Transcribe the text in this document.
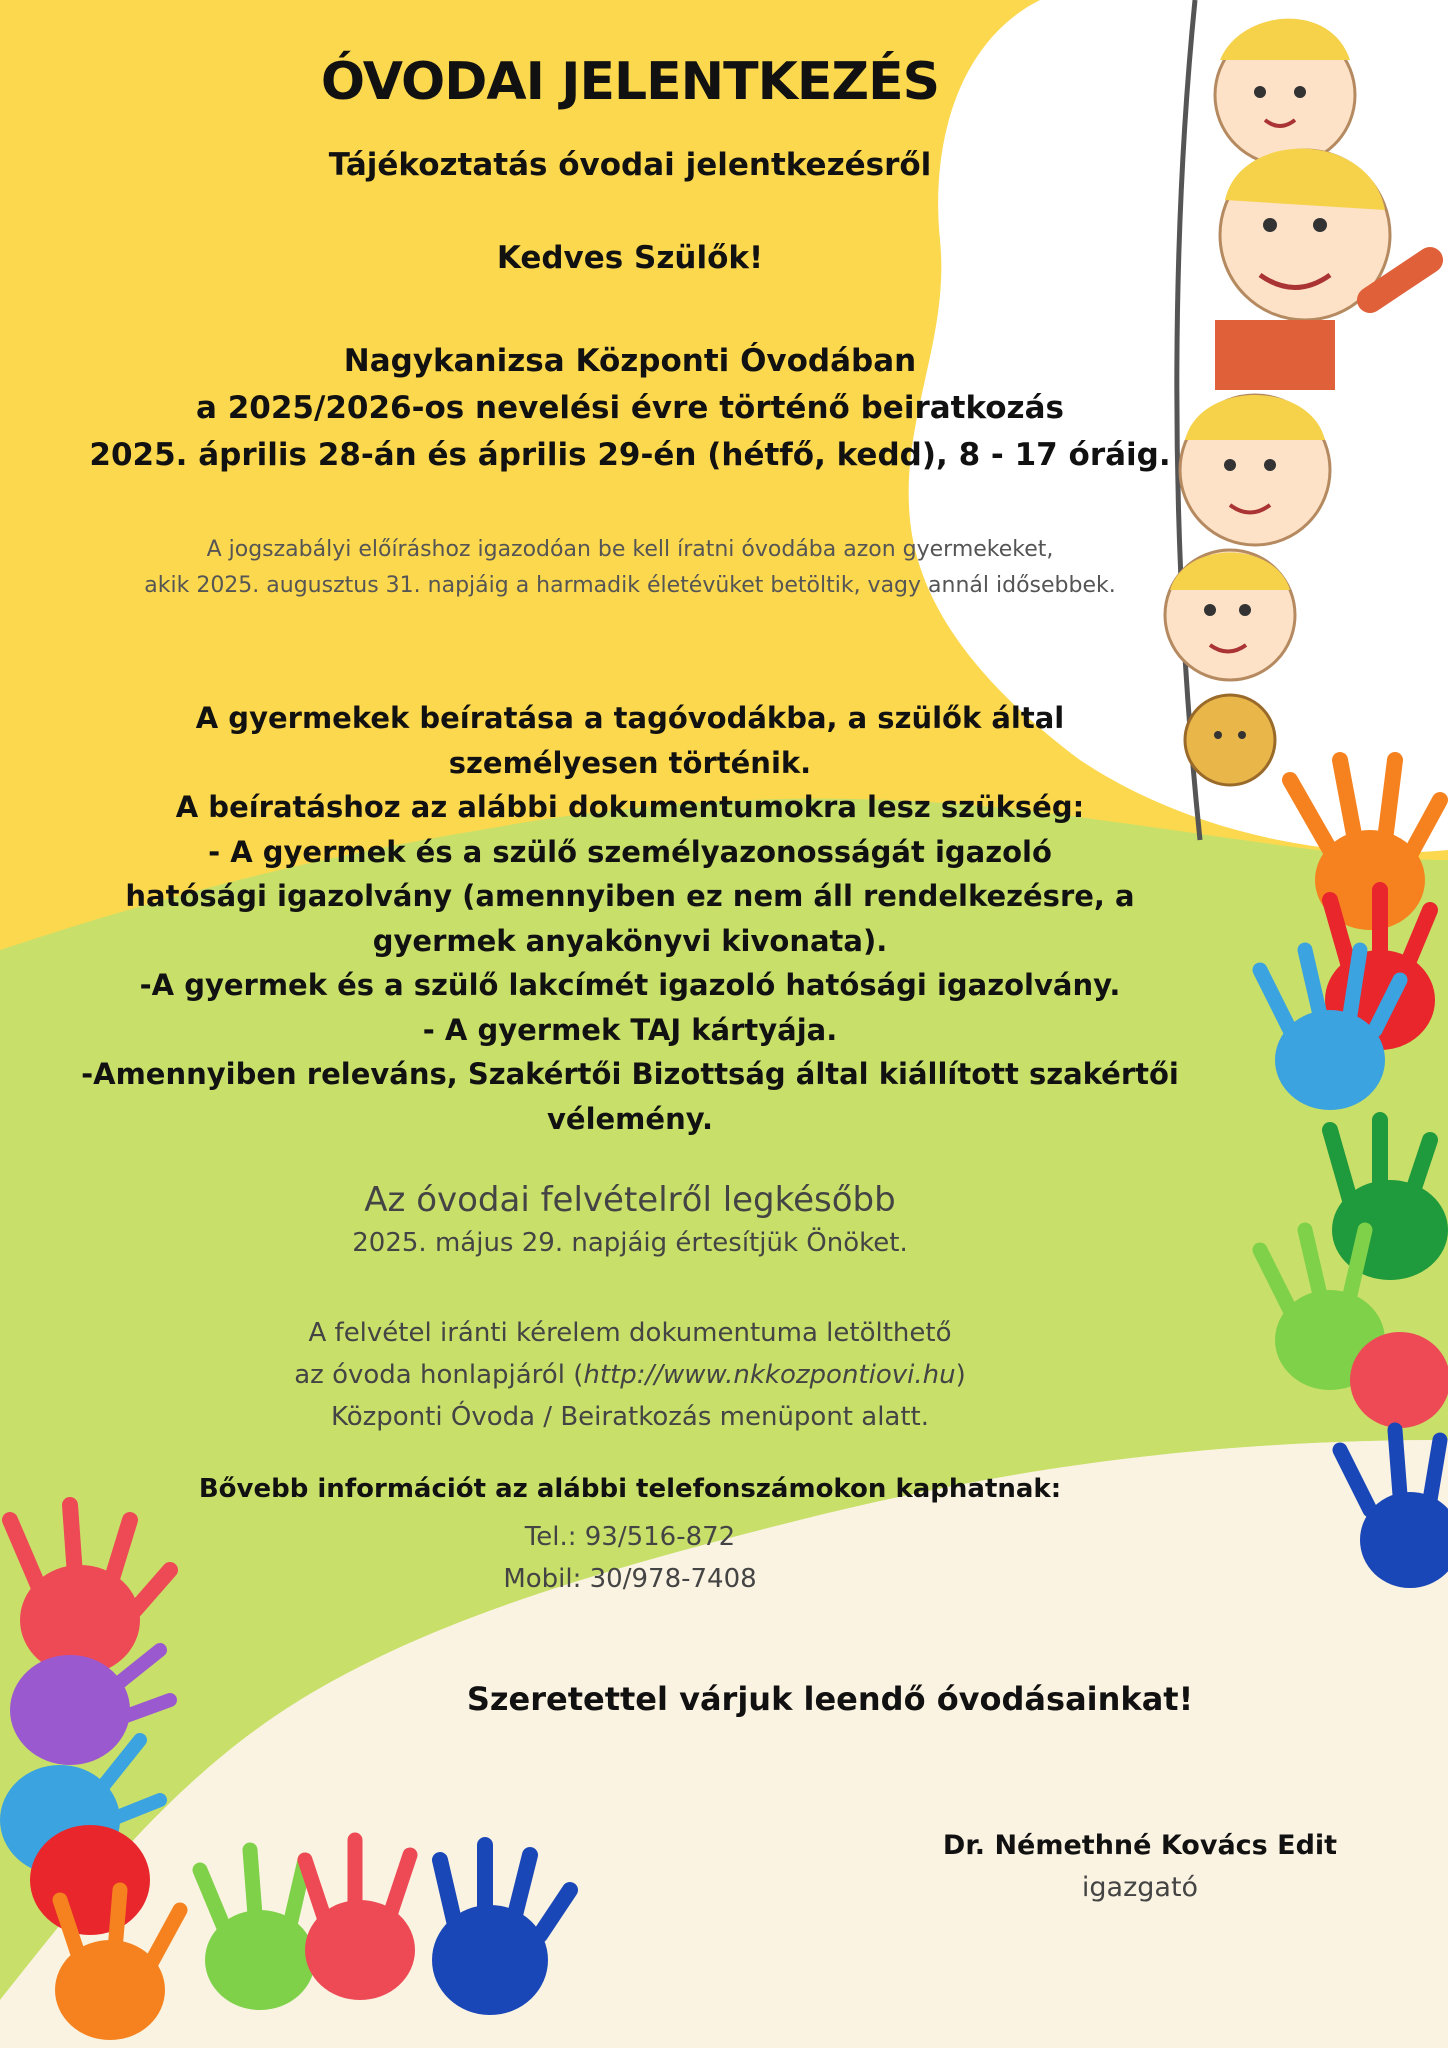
ÓVODAI JELENTKEZÉS
Tájékoztatás óvodai jelentkezésről
Kedves Szülők!
Nagykanizsa Központi Óvodában
a 2025/2026-os nevelési évre történő beiratkozás
2025. április 28-án és április 29-én (hétfő, kedd), 8 - 17 óráig.
A jogszabályi előíráshoz igazodóan be kell íratni óvodába azon gyermekeket,
akik 2025. augusztus 31. napjáig a harmadik életévüket betöltik, vagy annál idősebbek.
A gyermekek beíratása a tagóvodákba, a szülők által
személyesen történik.
A beíratáshoz az alábbi dokumentumokra lesz szükség:
- A gyermek és a szülő személyazonosságát igazoló
hatósági igazolvány (amennyiben ez nem áll rendelkezésre, a
gyermek anyakönyvi kivonata).
-A gyermek és a szülő lakcímét igazoló hatósági igazolvány.
- A gyermek TAJ kártyája.
-Amennyiben releváns, Szakértői Bizottság által kiállított szakértői
vélemény.
Az óvodai felvételről legkésőbb
2025. május 29. napjáig értesítjük Önöket.
A felvétel iránti kérelem dokumentuma letölthető
az óvoda honlapjáról (http://www.nkkozpontiovi.hu)
Központi Óvoda / Beiratkozás menüpont alatt.
Bővebb információt az alábbi telefonszámokon kaphatnak:
Tel.: 93/516-872
Mobil: 30/978-7408
Szeretettel várjuk leendő óvodásainkat!
Dr. Némethné Kovács Edit
igazgató
